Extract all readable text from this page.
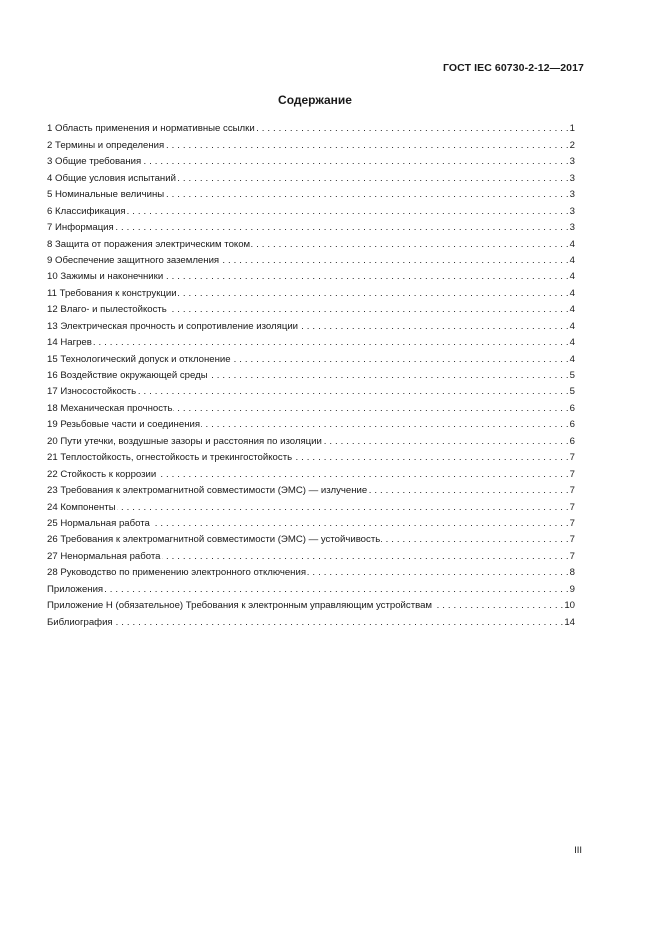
ГОСТ IEC 60730-2-12—2017
Содержание
1 Область применения и нормативные ссылки . . .	1
2 Термины и определения . . .	2
3 Общие требования . . .	3
4 Общие условия испытаний . . .	3
5 Номинальные величины . . .	3
6 Классификация . . .	3
7 Информация . . .	3
8 Защита от поражения электрическим током . . .	4
9 Обеспечение защитного заземления . . .	4
10 Зажимы и наконечники . . .	4
11 Требования к конструкции . . .	4
12 Влаго- и пылестойкость . . .	4
13 Электрическая прочность и сопротивление изоляции . . .	4
14 Нагрев . . .	4
15 Технологический допуск и отклонение . . .	4
16 Воздействие окружающей среды . . .	5
17 Износостойкость . . .	5
18 Механическая прочность . . .	6
19 Резьбовые части и соединения . . .	6
20 Пути утечки, воздушные зазоры и расстояния по изоляции . . .	6
21 Теплостойкость, огнестойкость и трекингостойкость . . .	7
22 Стойкость к коррозии . . .	7
23 Требования к электромагнитной совместимости (ЭМС) — излучение . . .	7
24 Компоненты . . .	7
25 Нормальная работа . . .	7
26 Требования к электромагнитной совместимости (ЭМС) — устойчивость . . .	7
27 Ненормальная работа . . .	7
28 Руководство по применению электронного отключения . . .	8
Приложения . . .	9
Приложение Н (обязательное) Требования к электронным управляющим устройствам . . .	10
Библиография . . .	14
III
